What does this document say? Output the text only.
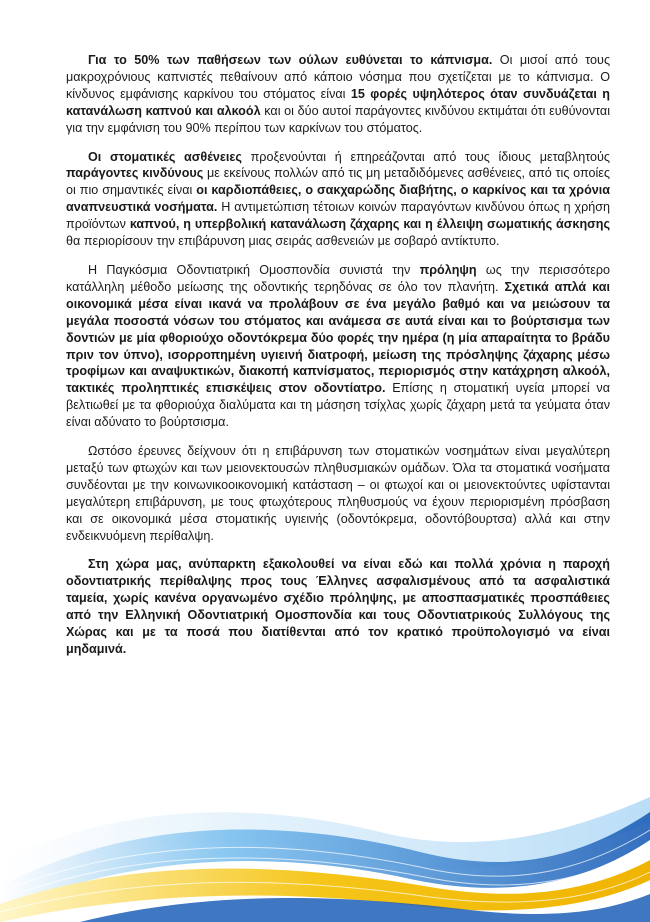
Για το 50% των παθήσεων των ούλων ευθύνεται το κάπνισμα. Οι μισοί από τους μακροχρόνιους καπνιστές πεθαίνουν από κάποιο νόσημα που σχετίζεται με το κάπνισμα. Ο κίνδυνος εμφάνισης καρκίνου του στόματος είναι 15 φορές υψηλότερος όταν συνδυάζεται η κατανάλωση καπνού και αλκοόλ και οι δύο αυτοί παράγοντες κινδύνου εκτιμάται ότι ευθύνονται για την εμφάνιση του 90% περίπου των καρκίνων του στόματος.

Οι στοματικές ασθένειες προξενούνται ή επηρεάζονται από τους ίδιους μεταβλητούς παράγοντες κινδύνους με εκείνους πολλών από τις μη μεταδιδόμενες ασθένειες, από τις οποίες οι πιο σημαντικές είναι οι καρδιοπάθειες, ο σακχαρώδης διαβήτης, ο καρκίνος και τα χρόνια αναπνευστικά νοσήματα. Η αντιμετώπιση τέτοιων κοινών παραγόντων κινδύνου όπως η χρήση προϊόντων καπνού, η υπερβολική κατανάλωση ζάχαρης και η έλλειψη σωματικής άσκησης θα περιορίσουν την επιβάρυνση μιας σειράς ασθενειών με σοβαρό αντίκτυπο.

Η Παγκόσμια Οδοντιατρική Ομοσπονδία συνιστά την πρόληψη ως την περισσότερο κατάλληλη μέθοδο μείωσης της οδοντικής τερηδόνας σε όλο τον πλανήτη. Σχετικά απλά και οικονομικά μέσα είναι ικανά να προλάβουν σε ένα μεγάλο βαθμό και να μειώσουν τα μεγάλα ποσοστά νόσων του στόματος και ανάμεσα σε αυτά είναι και το βούρτσισμα των δοντιών με μία φθοριούχο οδοντόκρεμα δύο φορές την ημέρα (η μία απαραίτητα το βράδυ πριν τον ύπνο), ισορροπημένη υγιεινή διατροφή, μείωση της πρόσληψης ζάχαρης μέσω τροφίμων και αναψυκτικών, διακοπή καπνίσματος, περιορισμός στην κατάχρηση αλκοόλ, τακτικές προληπτικές επισκέψεις στον οδοντίατρο. Επίσης η στοματική υγεία μπορεί να βελτιωθεί με τα φθοριούχα διαλύματα και τη μάσηση τσίχλας χωρίς ζάχαρη μετά τα γεύματα όταν είναι αδύνατο το βούρτσισμα.

Ωστόσο έρευνες δείχνουν ότι η επιβάρυνση των στοματικών νοσημάτων είναι μεγαλύτερη μεταξύ των φτωχών και των μειονεκτουσών πληθυσμιακών ομάδων. Όλα τα στοματικά νοσήματα συνδέονται με την κοινωνικοοικονομική κατάσταση – οι φτωχοί και οι μειονεκτούντες υφίστανται μεγαλύτερη επιβάρυνση, με τους φτωχότερους πληθυσμούς να έχουν περιορισμένη πρόσβαση και σε οικονομικά μέσα στοματικής υγιεινής (οδοντόκρεμα, οδοντόβουρτσα) αλλά και στην ενδεικνυόμενη περίθαλψη.

Στη χώρα μας, ανύπαρκτη εξακολουθεί να είναι εδώ και πολλά χρόνια η παροχή οδοντιατρικής περίθαλψης προς τους Έλληνες ασφαλισμένους από τα ασφαλιστικά ταμεία, χωρίς κανένα οργανωμένο σχέδιο πρόληψης, με αποσπασματικές προσπάθειες από την Ελληνική Οδοντιατρική Ομοσπονδία και τους Οδοντιατρικούς Συλλόγους της Χώρας και με τα ποσά που διατίθενται από τον κρατικό προϋπολογισμό να είναι μηδαμινά.
